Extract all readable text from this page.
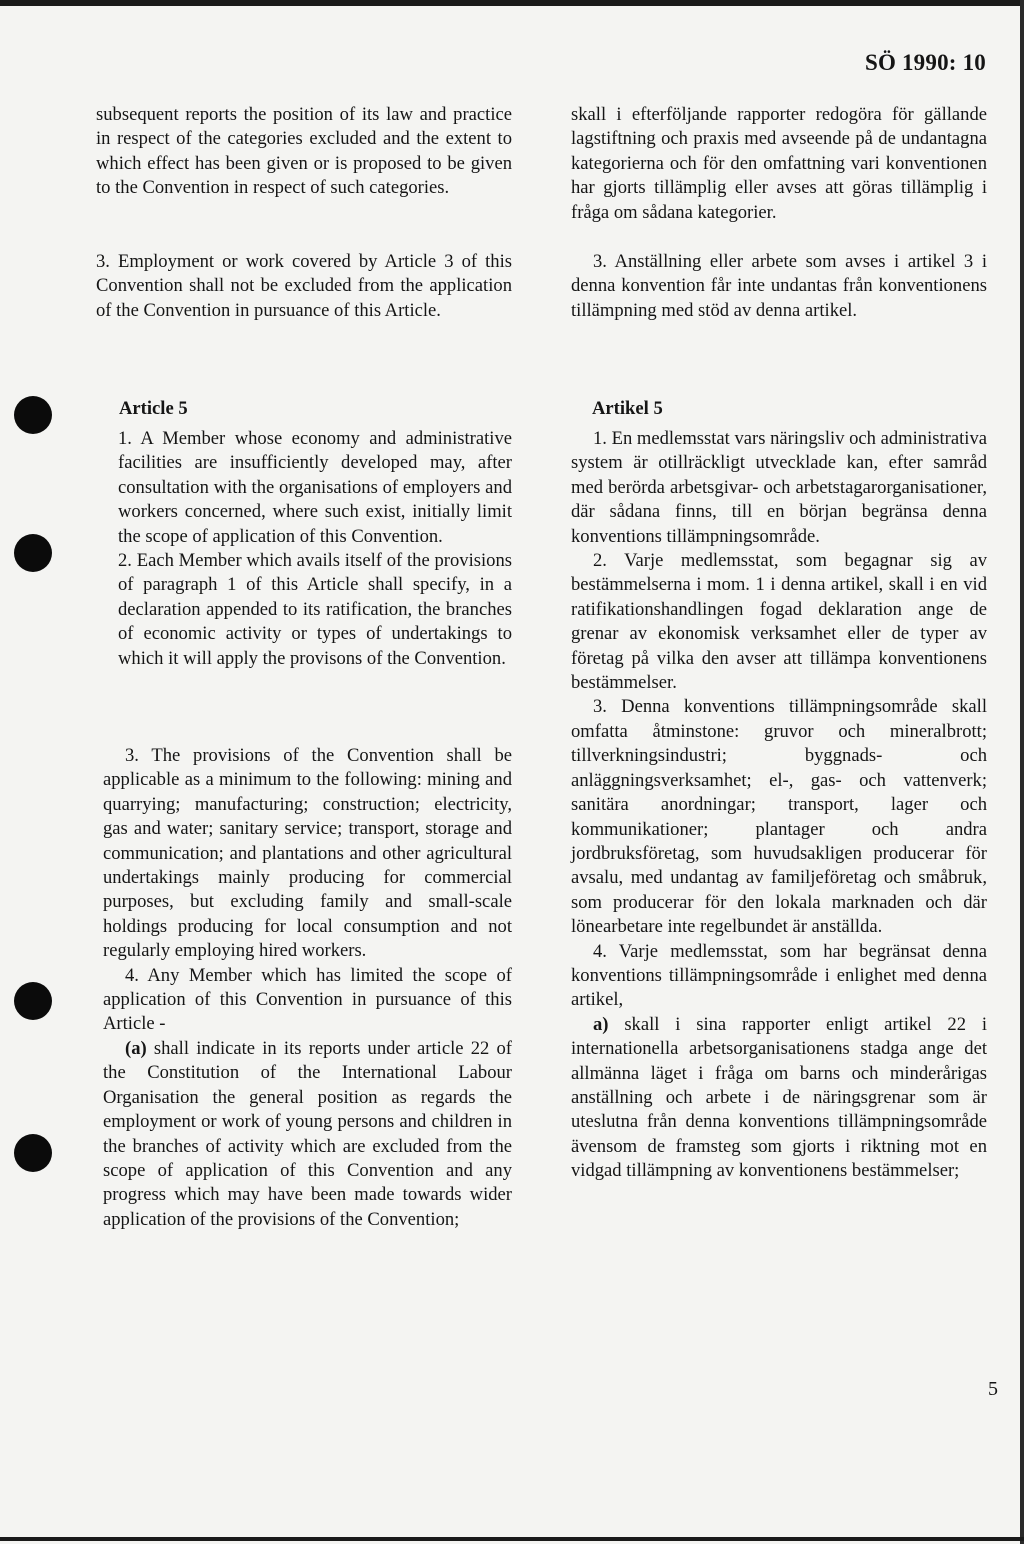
SÖ 1990: 10

subsequent reports the position of its law and practice in respect of the categories excluded and the extent to which effect has been given or is proposed to be given to the Convention in respect of such categories.

3. Employment or work covered by Article 3 of this Convention shall not be excluded from the application of the Convention in pursuance of this Article.

Article 5

1. A Member whose economy and administrative facilities are insufficiently developed may, after consultation with the organisations of employers and workers concerned, where such exist, initially limit the scope of application of this Convention.

2. Each Member which avails itself of the provisions of paragraph 1 of this Article shall specify, in a declaration appended to its ratification, the branches of economic activity or types of undertakings to which it will apply the provisons of the Convention.

3. The provisions of the Convention shall be applicable as a minimum to the following: mining and quarrying; manufacturing; construction; electricity, gas and water; sanitary service; transport, storage and communication; and plantations and other agricultural undertakings mainly producing for commercial purposes, but excluding family and small-scale holdings producing for local consumption and not regularly employing hired workers.

4. Any Member which has limited the scope of application of this Convention in pursuance of this Article -

(a) shall indicate in its reports under article 22 of the Constitution of the International Labour Organisation the general position as regards the employment or work of young persons and children in the branches of activity which are excluded from the scope of application of this Convention and any progress which may have been made towards wider application of the provisions of the Convention;

skall i efterföljande rapporter redogöra för gällande lagstiftning och praxis med avseende på de undantagna kategorierna och för den omfattning vari konventionen har gjorts tillämplig eller avses att göras tillämplig i fråga om sådana kategorier.

3. Anställning eller arbete som avses i artikel 3 i denna konvention får inte undantas från konventionens tillämpning med stöd av denna artikel.

Artikel 5

1. En medlemsstat vars näringsliv och administrativa system är otillräckligt utvecklade kan, efter samråd med berörda arbetsgivar- och arbetstagarorganisationer, där sådana finns, till en början begränsa denna konventions tillämpningsområde.

2. Varje medlemsstat, som begagnar sig av bestämmelserna i mom. 1 i denna artikel, skall i en vid ratifikationshandlingen fogad deklaration ange de grenar av ekonomisk verksamhet eller de typer av företag på vilka den avser att tillämpa konventionens bestämmelser.

3. Denna konventions tillämpningsområde skall omfatta åtminstone: gruvor och mineralbrott; tillverkningsindustri; byggnads- och anläggningsverksamhet; el-, gas- och vattenverk; sanitära anordningar; transport, lager och kommunikationer; plantager och andra jordbruksföretag, som huvudsakligen producerar för avsalu, med undantag av familjeföretag och småbruk, som producerar för den lokala marknaden och där lönearbetare inte regelbundet är anställda.

4. Varje medlemsstat, som har begränsat denna konventions tillämpningsområde i enlighet med denna artikel,

a) skall i sina rapporter enligt artikel 22 i internationella arbetsorganisationens stadga ange det allmänna läget i fråga om barns och minderårigas anställning och arbete i de näringsgrenar som är uteslutna från denna konventions tillämpningsområde ävensom de framsteg som gjorts i riktning mot en vidgad tillämpning av konventionens bestämmelser;

5
